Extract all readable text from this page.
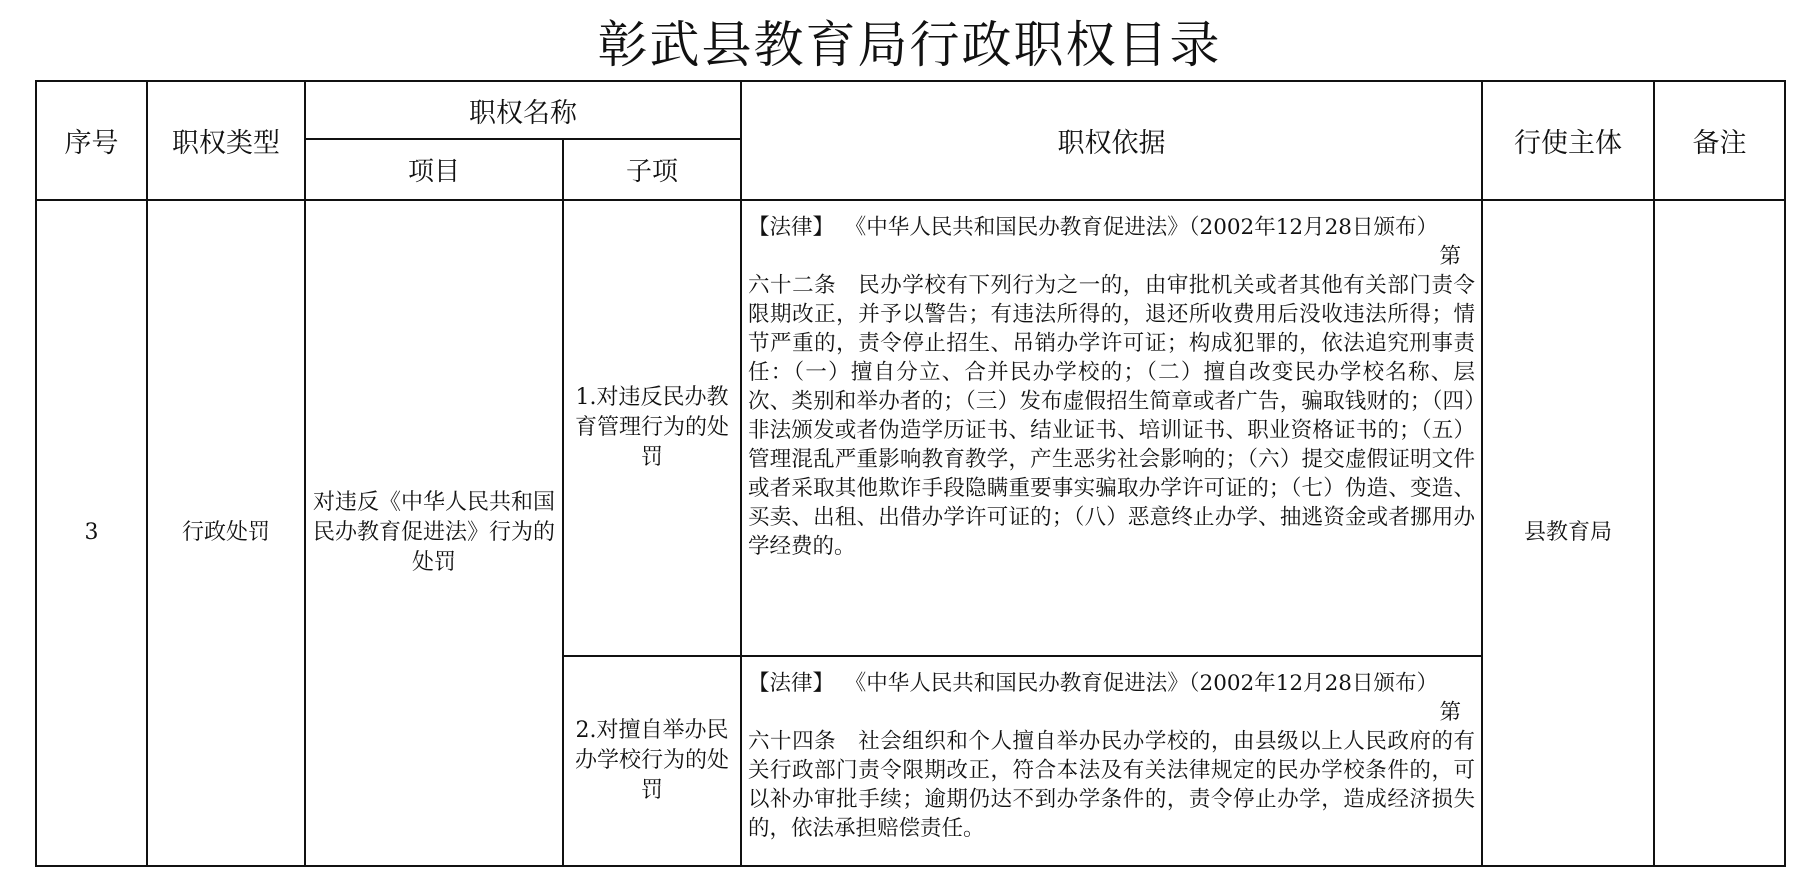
彰武县教育局行政职权目录
序号	职权类型	职权名称		职权依据	行使主体	备注
		项目	子项			
3	行政处罚	对违反《中华人民共和国民办教育促进法》行为的处罚	1.对违反民办教育管理行为的处罚	【法律】  《中华人民共和国民办教育促进法》（2002年12月28日颁布）
第
六十二条　民办学校有下列行为之一的，由审批机关或者其他有关部门责令限期改正，并予以警告；有违法所得的，退还所收费用后没收违法所得；情节严重的，责令停止招生、吊销办学许可证；构成犯罪的，依法追究刑事责任：（一）擅自分立、合并民办学校的；（二）擅自改变民办学校名称、层次、类别和举办者的；（三）发布虚假招生简章或者广告，骗取钱财的；（四）非法颁发或者伪造学历证书、结业证书、培训证书、职业资格证书的；（五）管理混乱严重影响教育教学，产生恶劣社会影响的；（六）提交虚假证明文件或者采取其他欺诈手段隐瞒重要事实骗取办学许可证的；（七）伪造、变造、买卖、出租、出借办学许可证的；（八）恶意终止办学、抽逃资金或者挪用办学经费的。	县教育局	
			2.对擅自举办民办学校行为的处罚	【法律】  《中华人民共和国民办教育促进法》（2002年12月28日颁布）
第
六十四条　社会组织和个人擅自举办民办学校的，由县级以上人民政府的有关行政部门责令限期改正，符合本法及有关法律规定的民办学校条件的，可以补办审批手续；逾期仍达不到办学条件的，责令停止办学，造成经济损失的，依法承担赔偿责任。		
